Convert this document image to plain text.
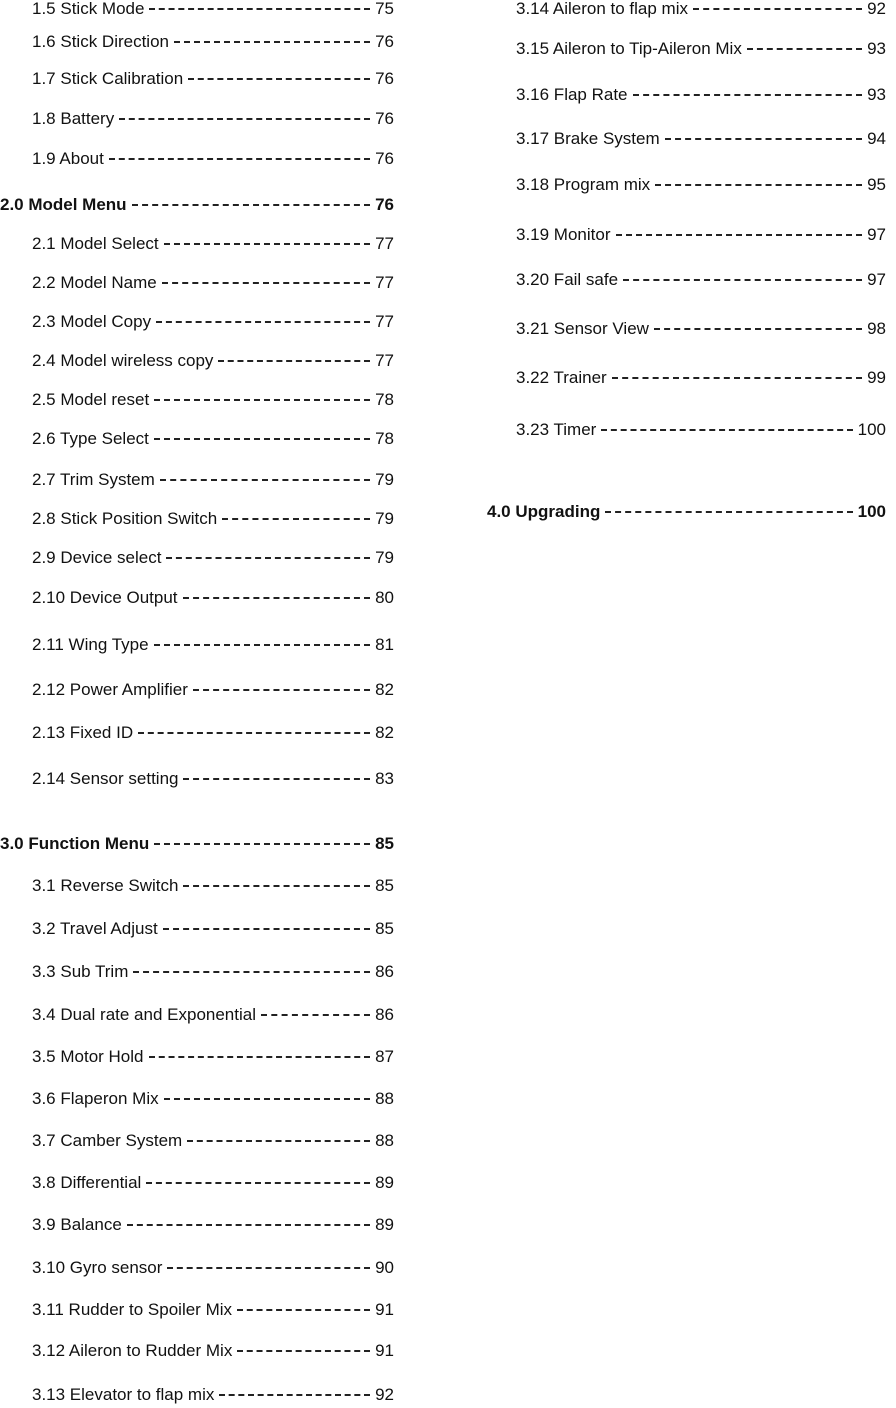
1.5 Stick Mode	75
1.6 Stick Direction	76
1.7 Stick Calibration	76
1.8 Battery	76
1.9 About	76
2.0 Model Menu	76
2.1 Model Select	77
2.2 Model Name	77
2.3 Model Copy	77
2.4 Model wireless copy	77
2.5 Model reset	78
2.6 Type Select	78
2.7 Trim System	79
2.8 Stick Position Switch	79
2.9 Device select	79
2.10 Device Output	80
2.11 Wing Type	81
2.12 Power Amplifier	82
2.13 Fixed ID	82
2.14 Sensor setting	83
3.0 Function Menu	85
3.1 Reverse Switch	85
3.2 Travel Adjust	85
3.3 Sub Trim	86
3.4 Dual rate and Exponential	86
3.5 Motor Hold	87
3.6 Flaperon Mix	88
3.7 Camber System	88
3.8 Differential	89
3.9 Balance	89
3.10 Gyro sensor	90
3.11 Rudder to Spoiler Mix	91
3.12 Aileron to Rudder Mix	91
3.13 Elevator to flap mix	92
3.14 Aileron to flap mix	92
3.15 Aileron to Tip-Aileron Mix	93
3.16 Flap Rate	93
3.17 Brake System	94
3.18 Program mix	95
3.19 Monitor	97
3.20 Fail safe	97
3.21 Sensor View	98
3.22 Trainer	99
3.23 Timer	100
4.0 Upgrading	100
